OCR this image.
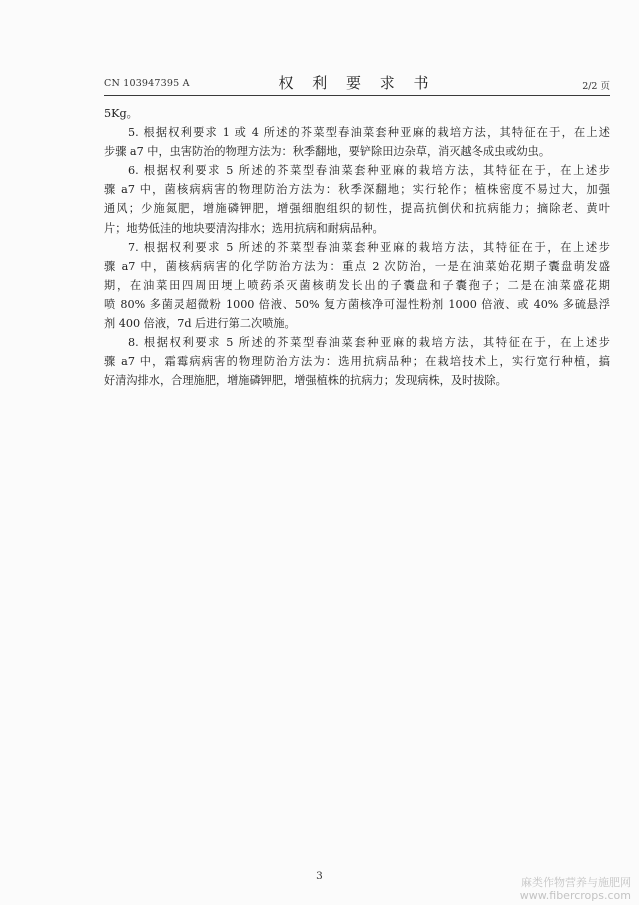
CN 103947395 A	权 利 要 求 书	2/2 页
5Kg。
5. 根据权利要求 1 或 4 所述的芥菜型春油菜套种亚麻的栽培方法，其特征在于，在上述
步骤 a7 中，虫害防治的物理方法为：秋季翻地，要铲除田边杂草，消灭越冬成虫或幼虫。
6. 根据权利要求 5 所述的芥菜型春油菜套种亚麻的栽培方法，其特征在于，在上述步
骤 a7 中，菌核病病害的物理防治方法为：秋季深翻地；实行轮作；植株密度不易过大，加强
通风；少施氮肥，增施磷钾肥，增强细胞组织的韧性，提高抗倒伏和抗病能力；摘除老、黄叶
片；地势低洼的地块要清沟排水；选用抗病和耐病品种。
7. 根据权利要求 5 所述的芥菜型春油菜套种亚麻的栽培方法，其特征在于，在上述步
骤 a7 中，菌核病病害的化学防治方法为：重点 2 次防治，一是在油菜始花期子囊盘萌发盛
期，在油菜田四周田埂上喷药杀灭菌核萌发长出的子囊盘和子囊孢子；二是在油菜盛花期
喷 80% 多菌灵超微粉 1000 倍液、50% 复方菌核净可湿性粉剂 1000 倍液、或 40% 多硫悬浮
剂 400 倍液，7d 后进行第二次喷施。
8. 根据权利要求 5 所述的芥菜型春油菜套种亚麻的栽培方法，其特征在于，在上述步
骤 a7 中，霜霉病病害的物理防治方法为：选用抗病品种；在栽培技术上，实行宽行种植，搞
好清沟排水，合理施肥，增施磷钾肥，增强植株的抗病力；发现病株，及时拔除。
3	麻类作物营养与施肥网
www.fibercrops.com
